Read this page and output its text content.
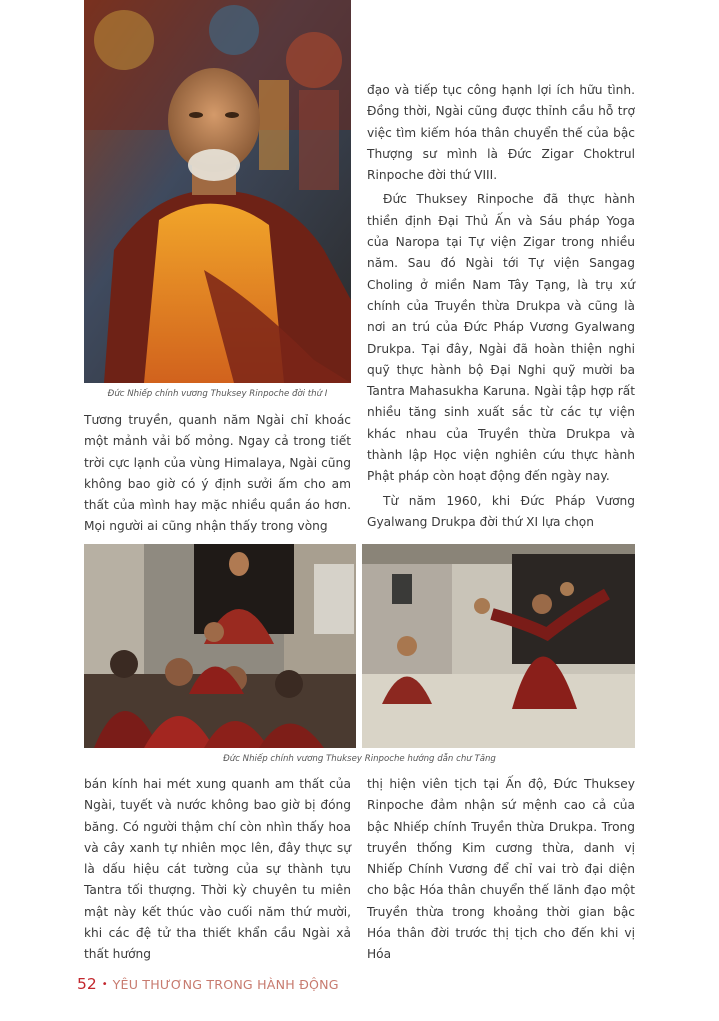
Đức Nhiếp chính vương Thuksey Rinpoche đời thứ I

Tương truyền, quanh năm Ngài chỉ khoác một mảnh vải bố mỏng. Ngay cả trong tiết trời cực lạnh của vùng Himalaya, Ngài cũng không bao giờ có ý định sưởi ấm cho am thất của mình hay mặc nhiều quần áo hơn. Mọi người ai cũng nhận thấy trong vòng

đạo và tiếp tục công hạnh lợi ích hữu tình. Đồng thời, Ngài cũng được thỉnh cầu hỗ trợ việc tìm kiếm hóa thân chuyển thế của bậc Thượng sư mình là Đức Zigar Choktrul Rinpoche đời thứ VIII.

Đức Thuksey Rinpoche đã thực hành thiền định Đại Thủ Ấn và Sáu pháp Yoga của Naropa tại Tự viện Zigar trong nhiều năm. Sau đó Ngài tới Tự viện Sangag Choling ở miền Nam Tây Tạng, là trụ xứ chính của Truyền thừa Drukpa và cũng là nơi an trú của Đức Pháp Vương Gyalwang Drukpa. Tại đây, Ngài đã hoàn thiện nghi quỹ thực hành bộ Đại Nghi quỹ mười ba Tantra Mahasukha Karuna. Ngài tập hợp rất nhiều tăng sinh xuất sắc từ các tự viện khác nhau của Truyền thừa Drukpa và thành lập Học viện nghiên cứu thực hành Phật pháp còn hoạt động đến ngày nay.

Từ năm 1960, khi Đức Pháp Vương Gyalwang Drukpa đời thứ XI lựa chọn

Đức Nhiếp chính vương Thuksey Rinpoche hướng dẫn chư Tăng

bán kính hai mét xung quanh am thất của Ngài, tuyết và nước không bao giờ bị đóng băng. Có người thậm chí còn nhìn thấy hoa và cây xanh tự nhiên mọc lên, đây thực sự là dấu hiệu cát tường của sự thành tựu Tantra tối thượng. Thời kỳ chuyên tu miên mật này kết thúc vào cuối năm thứ mười, khi các đệ tử tha thiết khẩn cầu Ngài xả thất hướng

thị hiện viên tịch tại Ấn độ, Đức Thuksey Rinpoche đảm nhận sứ mệnh cao cả của bậc Nhiếp chính Truyền thừa Drukpa. Trong truyền thống Kim cương thừa, danh vị Nhiếp Chính Vương để chỉ vai trò đại diện cho bậc Hóa thân chuyển thế lãnh đạo một Truyền thừa trong khoảng thời gian bậc Hóa thân đời trước thị tịch cho đến khi vị Hóa

52 • YÊU THƯƠNG TRONG HÀNH ĐỘNG
